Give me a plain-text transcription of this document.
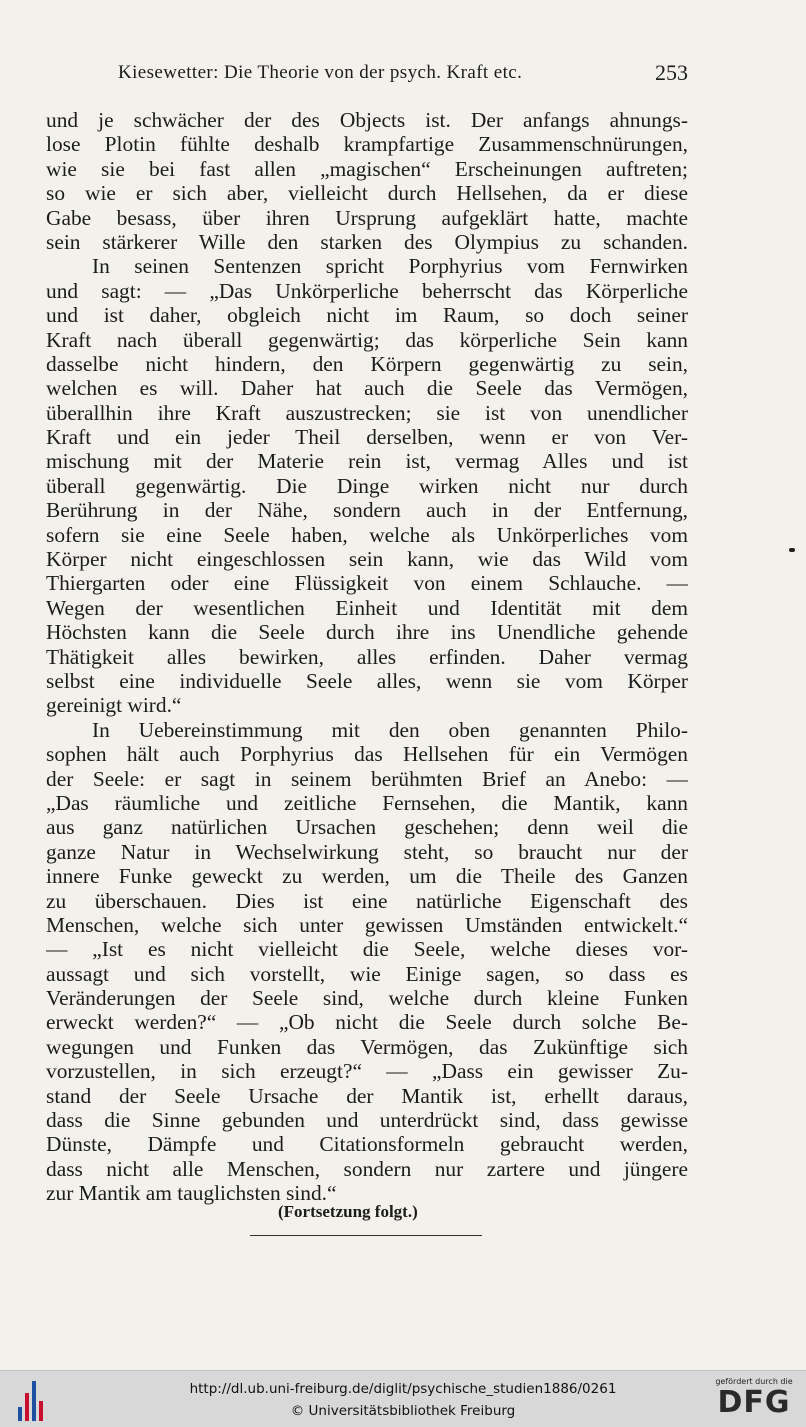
Kiesewetter: Die Theorie von der psych. Kraft etc.	253
und je schwächer der des Objects ist. Der anfangs ahnungs-
lose Plotin fühlte deshalb krampfartige Zusammenschnürungen,
wie sie bei fast allen „magischen“ Erscheinungen auftreten;
so wie er sich aber, vielleicht durch Hellsehen, da er diese
Gabe besass, über ihren Ursprung aufgeklärt hatte, machte
sein stärkerer Wille den starken des Olympius zu schanden.
In seinen Sentenzen spricht Porphyrius vom Fernwirken
und sagt: — „Das Unkörperliche beherrscht das Körperliche
und ist daher, obgleich nicht im Raum, so doch seiner
Kraft nach überall gegenwärtig; das körperliche Sein kann
dasselbe nicht hindern, den Körpern gegenwärtig zu sein,
welchen es will. Daher hat auch die Seele das Vermögen,
überallhin ihre Kraft auszustrecken; sie ist von unendlicher
Kraft und ein jeder Theil derselben, wenn er von Ver-
mischung mit der Materie rein ist, vermag Alles und ist
überall gegenwärtig. Die Dinge wirken nicht nur durch
Berührung in der Nähe, sondern auch in der Entfernung,
sofern sie eine Seele haben, welche als Unkörperliches vom
Körper nicht eingeschlossen sein kann, wie das Wild vom
Thiergarten oder eine Flüssigkeit von einem Schlauche. —
Wegen der wesentlichen Einheit und Identität mit dem
Höchsten kann die Seele durch ihre ins Unendliche gehende
Thätigkeit alles bewirken, alles erfinden. Daher vermag
selbst eine individuelle Seele alles, wenn sie vom Körper
gereinigt wird.“
In Uebereinstimmung mit den oben genannten Philo-
sophen hält auch Porphyrius das Hellsehen für ein Vermögen
der Seele: er sagt in seinem berühmten Brief an Anebo: —
„Das räumliche und zeitliche Fernsehen, die Mantik, kann
aus ganz natürlichen Ursachen geschehen; denn weil die
ganze Natur in Wechselwirkung steht, so braucht nur der
innere Funke geweckt zu werden, um die Theile des Ganzen
zu überschauen. Dies ist eine natürliche Eigenschaft des
Menschen, welche sich unter gewissen Umständen entwickelt.“
— „Ist es nicht vielleicht die Seele, welche dieses vor-
aussagt und sich vorstellt, wie Einige sagen, so dass es
Veränderungen der Seele sind, welche durch kleine Funken
erweckt werden?“ — „Ob nicht die Seele durch solche Be-
wegungen und Funken das Vermögen, das Zukünftige sich
vorzustellen, in sich erzeugt?“ — „Dass ein gewisser Zu-
stand der Seele Ursache der Mantik ist, erhellt daraus,
dass die Sinne gebunden und unterdrückt sind, dass gewisse
Dünste, Dämpfe und Citationsformeln gebraucht werden,
dass nicht alle Menschen, sondern nur zartere und jüngere
zur Mantik am tauglichsten sind.“
(Fortsetzung folgt.)
http://dl.ub.uni-freiburg.de/diglit/psychische_studien1886/0261
© Universitätsbibliothek Freiburg
gefördert durch die
DFG
